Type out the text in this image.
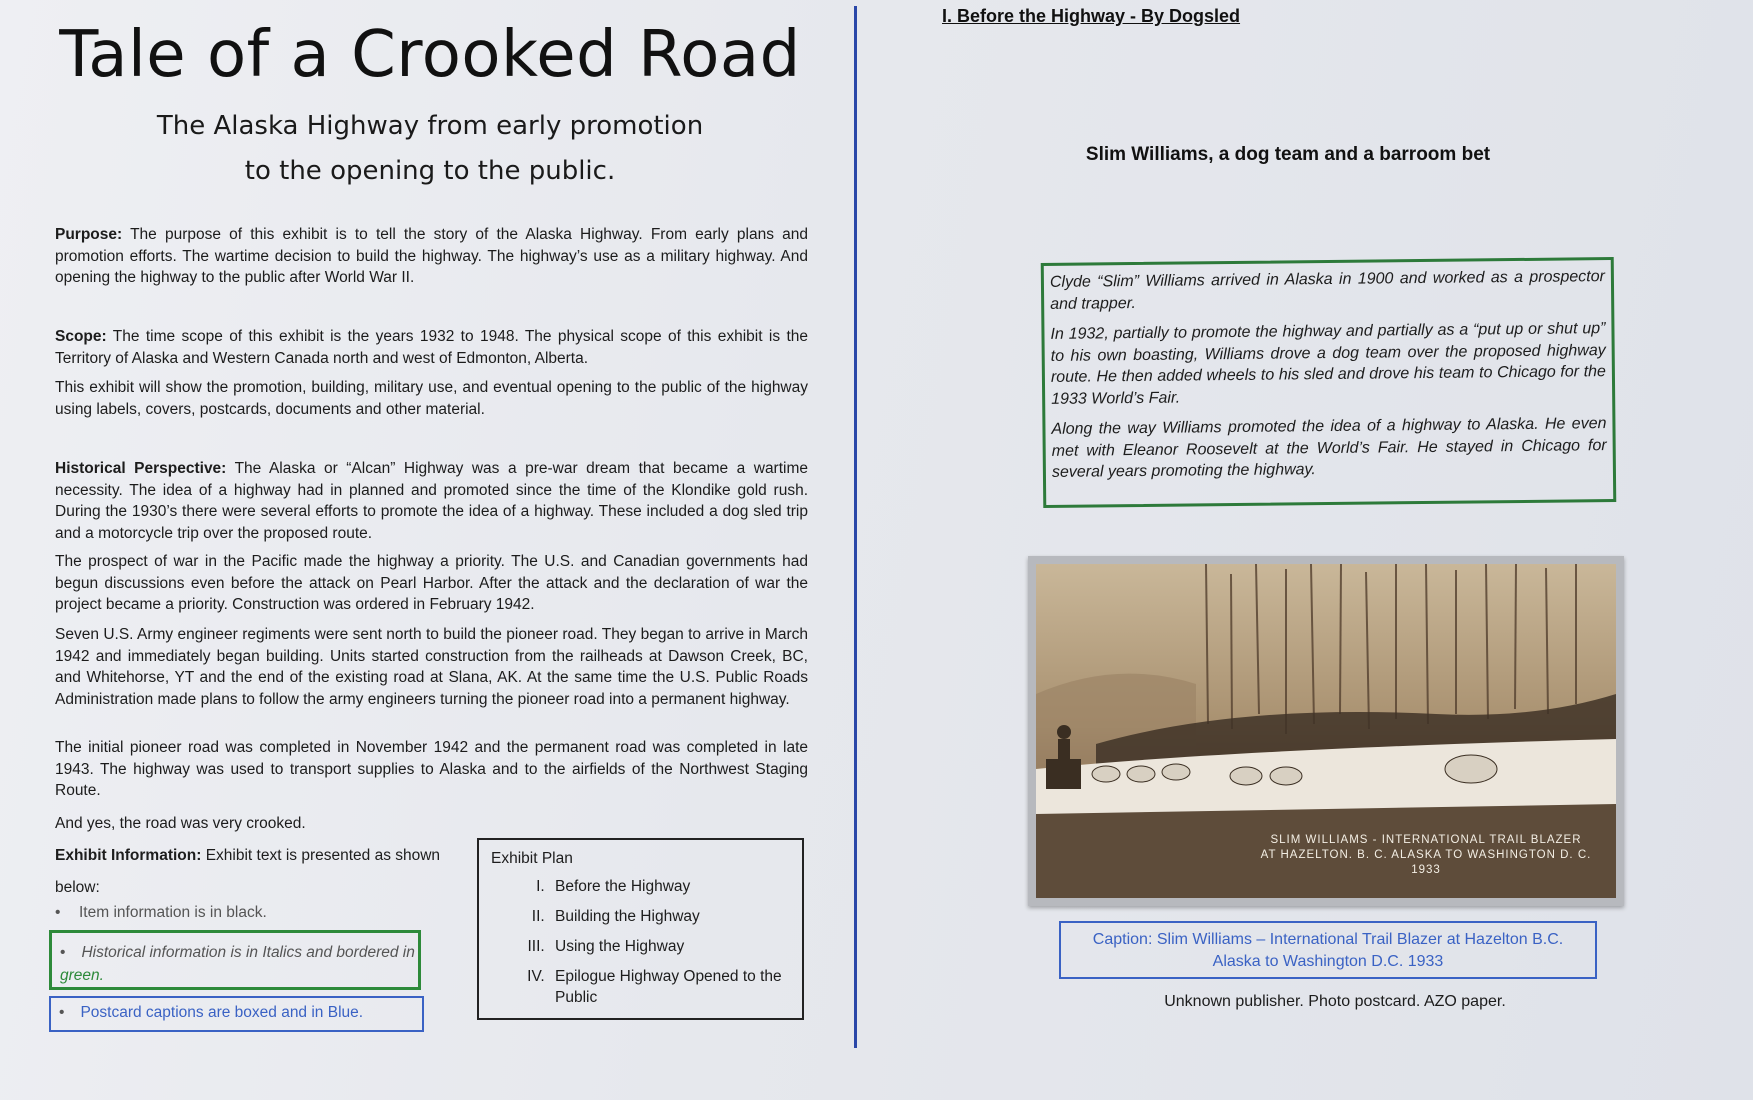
Tale of a Crooked Road
The Alaska Highway from early promotion
to the opening to the public.
Purpose: The purpose of this exhibit is to tell the story of the Alaska Highway. From early plans and promotion efforts. The wartime decision to build the highway. The highway’s use as a military highway. And opening the highway to the public after World War II.
Scope: The time scope of this exhibit is the years 1932 to 1948. The physical scope of this exhibit is the Territory of Alaska and Western Canada north and west of Edmonton, Alberta.
This exhibit will show the promotion, building, military use, and eventual opening to the public of the highway using labels, covers, postcards, documents and other material.
Historical Perspective: The Alaska or “Alcan” Highway was a pre-war dream that became a wartime necessity. The idea of a highway had in planned and promoted since the time of the Klondike gold rush. During the 1930’s there were several efforts to promote the idea of a highway. These included a dog sled trip and a motorcycle trip over the proposed route.
The prospect of war in the Pacific made the highway a priority. The U.S. and Canadian governments had begun discussions even before the attack on Pearl Harbor. After the attack and the declaration of war the project became a priority. Construction was ordered in February 1942.
Seven U.S. Army engineer regiments were sent north to build the pioneer road. They began to arrive in March 1942 and immediately began building. Units started construction from the railheads at Dawson Creek, BC, and Whitehorse, YT and the end of the existing road at Slana, AK. At the same time the U.S. Public Roads Administration made plans to follow the army engineers turning the pioneer road into a permanent highway.
The initial pioneer road was completed in November 1942 and the permanent road was completed in late 1943. The highway was used to transport supplies to Alaska and to the airfields of the Northwest Staging Route.
And yes, the road was very crooked.
Exhibit Information: Exhibit text is presented as shown below:
• Item information is in black.
• Historical information is in Italics and bordered in green.
• Postcard captions are boxed and in Blue.
Exhibit Plan
I. Before the Highway
II. Building the Highway
III. Using the Highway
IV. Epilogue Highway Opened to the Public
I. Before the Highway - By Dogsled
Slim Williams, a dog team and a barroom bet

Clyde “Slim” Williams arrived in Alaska in 1900 and worked as a prospector and trapper.

In 1932, partially to promote the highway and partially as a “put up or shut up” to his own boasting, Williams drove a dog team over the proposed highway route. He then added wheels to his sled and drove his team to Chicago for the 1933 World’s Fair.

Along the way Williams promoted the idea of a highway to Alaska. He even met with Eleanor Roosevelt at the World’s Fair. He stayed in Chicago for several years promoting the highway.

SLIM WILLIAMS - INTERNATIONAL TRAIL BLAZER
AT HAZELTON. B. C. ALASKA TO WASHINGTON D. C.
1933
Caption: Slim Williams – International Trail Blazer at Hazelton B.C.
Alaska to Washington D.C. 1933
Unknown publisher. Photo postcard. AZO paper.
